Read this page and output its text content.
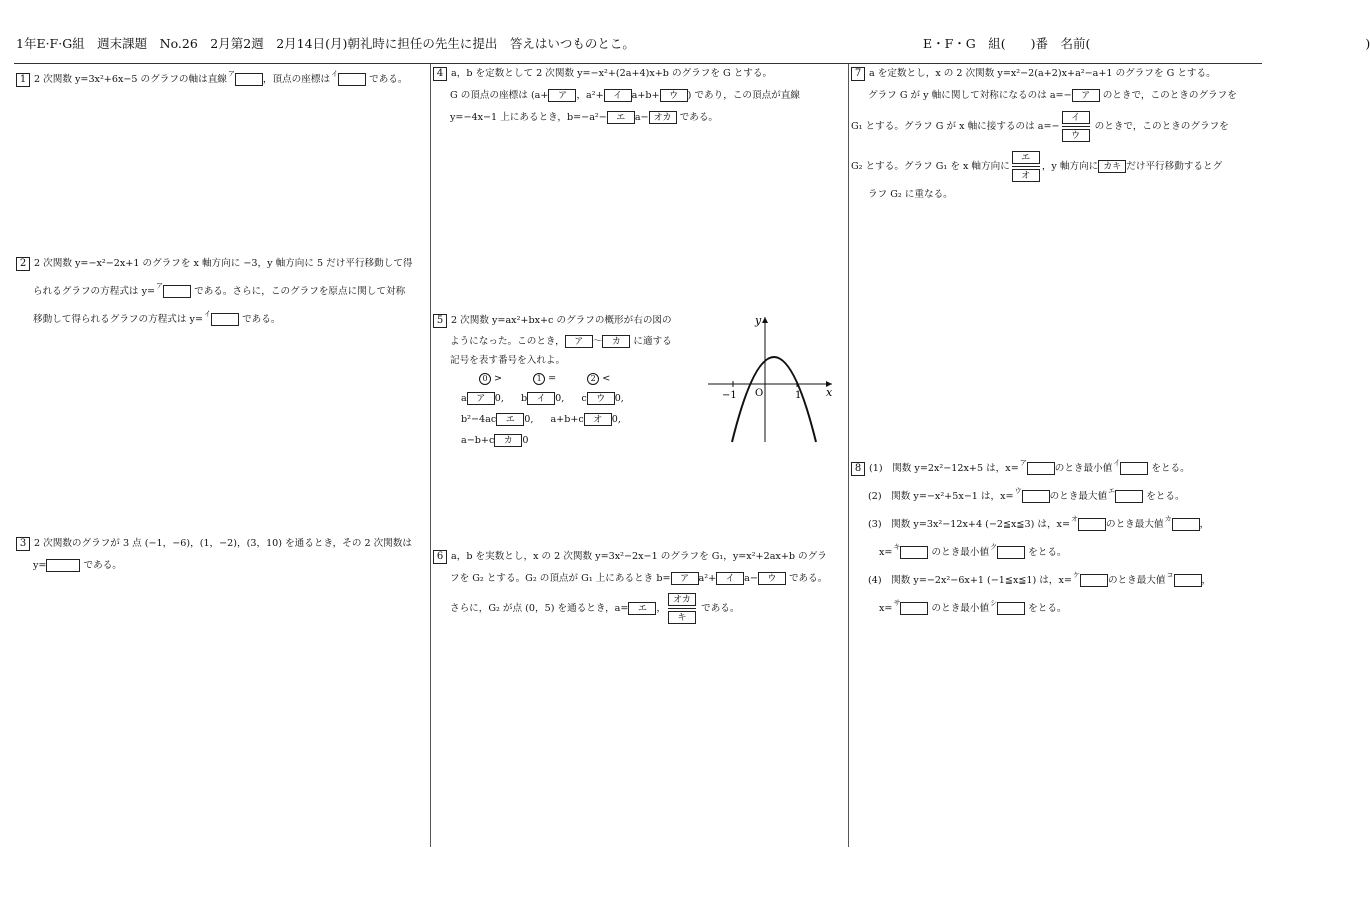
1年E·F·G組　週末課題　No.26　2月第2週　2月14日(月)朝礼時に担任の先生に提出　答えはいつものとこ。	E・F・G　組(　　)番　名前(　　　　　　　　　　　　　　　　　　　　　　)
1 2 次関数 y=3x²+6x−5 のグラフの軸は直線$^ア$	，頂点の座標は$^イ$	である。
2 2 次関数 y=−x²−2x+1 のグラフを x 軸方向に −3，y 軸方向に 5 だけ平行移動して得
られるグラフの方程式は y=$^ア$	である。さらに，このグラフを原点に関して対称
移動して得られるグラフの方程式は y=$^イ$	である。
3 2 次関数のグラフが 3 点 (−1，−6)，(1，−2)，(3，10) を通るとき，その 2 次関数は
y=	である。
4 a，b を定数として 2 次関数 y=−x²+(2a+4)x+b のグラフを G とする。
G の頂点の座標は (a+ ア ，a²+ イ a+b+ ウ ) であり，この頂点が直線
y=−4x−1 上にあるとき，b=−a²− エ a− オカ である。
5 2 次関数 y=ax²+bx+c のグラフの概形が右の図の
ようになった。このとき， ア ～ カ に適する
記号を表す番号を入れよ。
0 >	1 =	2 <
a ア 0, b イ 0, c ウ 0,
b²−4ac エ 0, a+b+c オ 0,
a−b+c カ 0
y
x
O
−1	1
6 a，b を実数とし，x の 2 次関数 y=3x²−2x−1 のグラフを G₁，y=x²+2ax+b のグラ
フを G₂ とする。G₂ の頂点が G₁ 上にあるとき b= ア a²+ イ a− ウ である。
さらに，G₂ が点 (0，5) を通るとき，a= エ ， $\frac{\text{オカ}}{\text{キ}}$ である。
7 a を定数とし，x の 2 次関数 y=x²−2(a+2)x+a²−a+1 のグラフを G とする。
グラフ G が y 軸に関して対称になるのは a=− ア のときで，このときのグラフを
G₁ とする。グラフ G が x 軸に接するのは $a=- \frac{\text{イ}}{\text{ウ}}$ のときで，このときのグラフを
G₂ とする。グラフ G₁ を x 軸方向に $\frac{\text{エ}}{\text{オ}}$ ，y 軸方向に カキ だけ平行移動するとグ
ラフ G₂ に重なる。
8 (1)　 関数 y=2x²−12x+5 は，x=$^ア$	のとき最小値$^イ$	をとる。
(2)　 関数 y=−x²+5x−1 は，x=$^ウ$	のとき最大値$^エ$	をとる。
(3)　 関数 y=3x²−12x+4 (−2≦x≦3) は，x=$^オ$	のとき最大値$^カ$	，
x=$^キ$	のとき最小値$^ク$	をとる。
(4)　 関数 y=−2x²−6x+1 (−1≦x≦1) は，x=$^ケ$	のとき最大値$^コ$	，
x=$^サ$	のとき最小値$^シ$	をとる。
